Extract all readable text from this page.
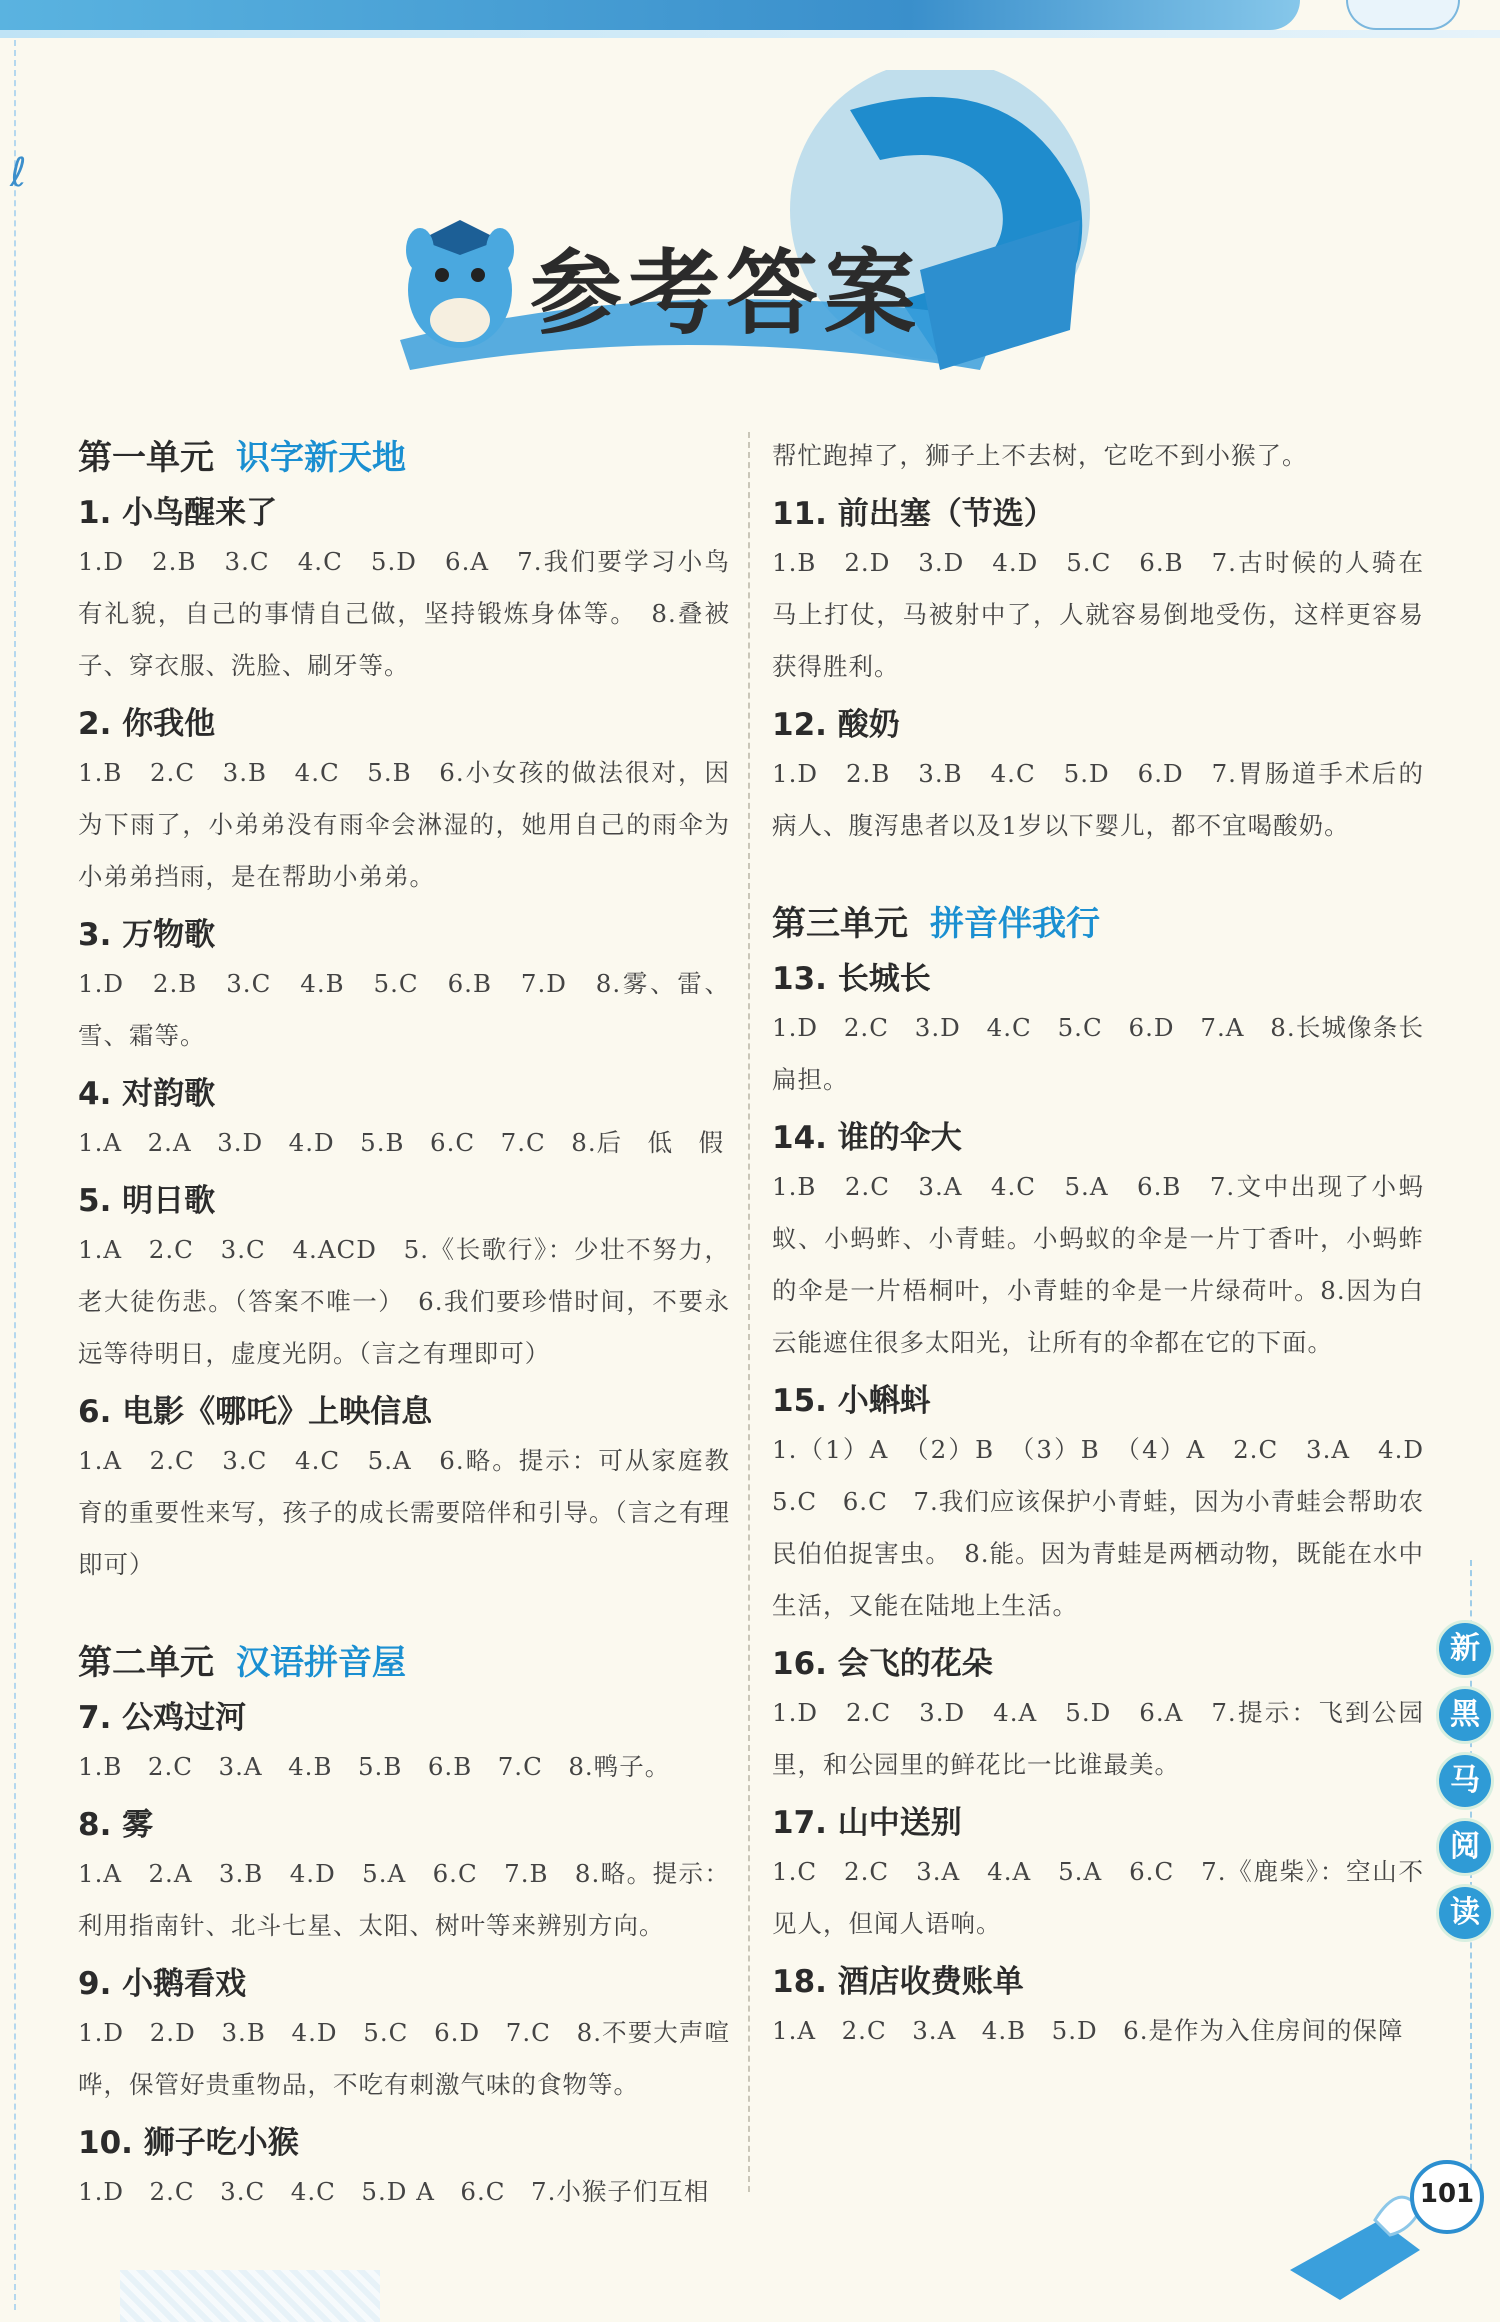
ℓ
参考答案
第一单元 识字新天地
1. 小鸟醒来了

1.D　2.B　3.C　4.C　5.D　6.A　7.我们要学习小鸟有礼貌，自己的事情自己做，坚持锻炼身体等。　8.叠被子、穿衣服、洗脸、刷牙等。

2. 你我他

1.B　2.C　3.B　4.C　5.B　6.小女孩的做法很对，因为下雨了，小弟弟没有雨伞会淋湿的，她用自己的雨伞为小弟弟挡雨，是在帮助小弟弟。

3. 万物歌

1.D　2.B　3.C　4.B　5.C　6.B　7.D　8.雾、雷、雪、霜等。

4. 对韵歌

1.A　2.A　3.D　4.D　5.B　6.C　7.C　8.后　低　假

5. 明日歌

1.A　2.C　3.C　4.ACD　5.《长歌行》：少壮不努力，老大徒伤悲。（答案不唯一）　6.我们要珍惜时间，不要永远等待明日，虚度光阴。（言之有理即可）

6. 电影《哪吒》上映信息

1.A　2.C　3.C　4.C　5.A　6.略。提示：可从家庭教育的重要性来写，孩子的成长需要陪伴和引导。（言之有理即可）

第二单元 汉语拼音屋
7. 公鸡过河

1.B　2.C　3.A　4.B　5.B　6.B　7.C　8.鸭子。

8. 雾

1.A　2.A　3.B　4.D　5.A　6.C　7.B　8.略。提示：利用指南针、北斗七星、太阳、树叶等来辨别方向。

9. 小鹅看戏

1.D　2.D　3.B　4.D　5.C　6.D　7.C　8.不要大声喧哗，保管好贵重物品，不吃有刺激气味的食物等。

10. 狮子吃小猴

1.D　2.C　3.C　4.C　5.D A　6.C　7.小猴子们互相

帮忙跑掉了，狮子上不去树，它吃不到小猴了。

11. 前出塞（节选）

1.B　2.D　3.D　4.D　5.C　6.B　7.古时候的人骑在马上打仗，马被射中了，人就容易倒地受伤，这样更容易获得胜利。

12. 酸奶

1.D　2.B　3.B　4.C　5.D　6.D　7.胃肠道手术后的病人、腹泻患者以及1岁以下婴儿，都不宜喝酸奶。

第三单元 拼音伴我行
13. 长城长

1.D　2.C　3.D　4.C　5.C　6.D　7.A　8.长城像条长扁担。

14. 谁的伞大

1.B　2.C　3.A　4.C　5.A　6.B　7.文中出现了小蚂蚁、小蚂蚱、小青蛙。小蚂蚁的伞是一片丁香叶，小蚂蚱的伞是一片梧桐叶，小青蛙的伞是一片绿荷叶。8.因为白云能遮住很多太阳光，让所有的伞都在它的下面。

15. 小蝌蚪

1.（1）A　（2）B　（3）B　（4）A　2.C　3.A　4.D　5.C　6.C　7.我们应该保护小青蛙，因为小青蛙会帮助农民伯伯捉害虫。　8.能。因为青蛙是两栖动物，既能在水中生活，又能在陆地上生活。

16. 会飞的花朵

1.D　2.C　3.D　4.A　5.D　6.A　7.提示：飞到公园里，和公园里的鲜花比一比谁最美。

17. 山中送别

1.C　2.C　3.A　4.A　5.A　6.C　7.《鹿柴》：空山不见人，但闻人语响。

18. 酒店收费账单

1.A　2.C　3.A　4.B　5.D　6.是作为入住房间的保障

新
黑
马
阅
读
101
